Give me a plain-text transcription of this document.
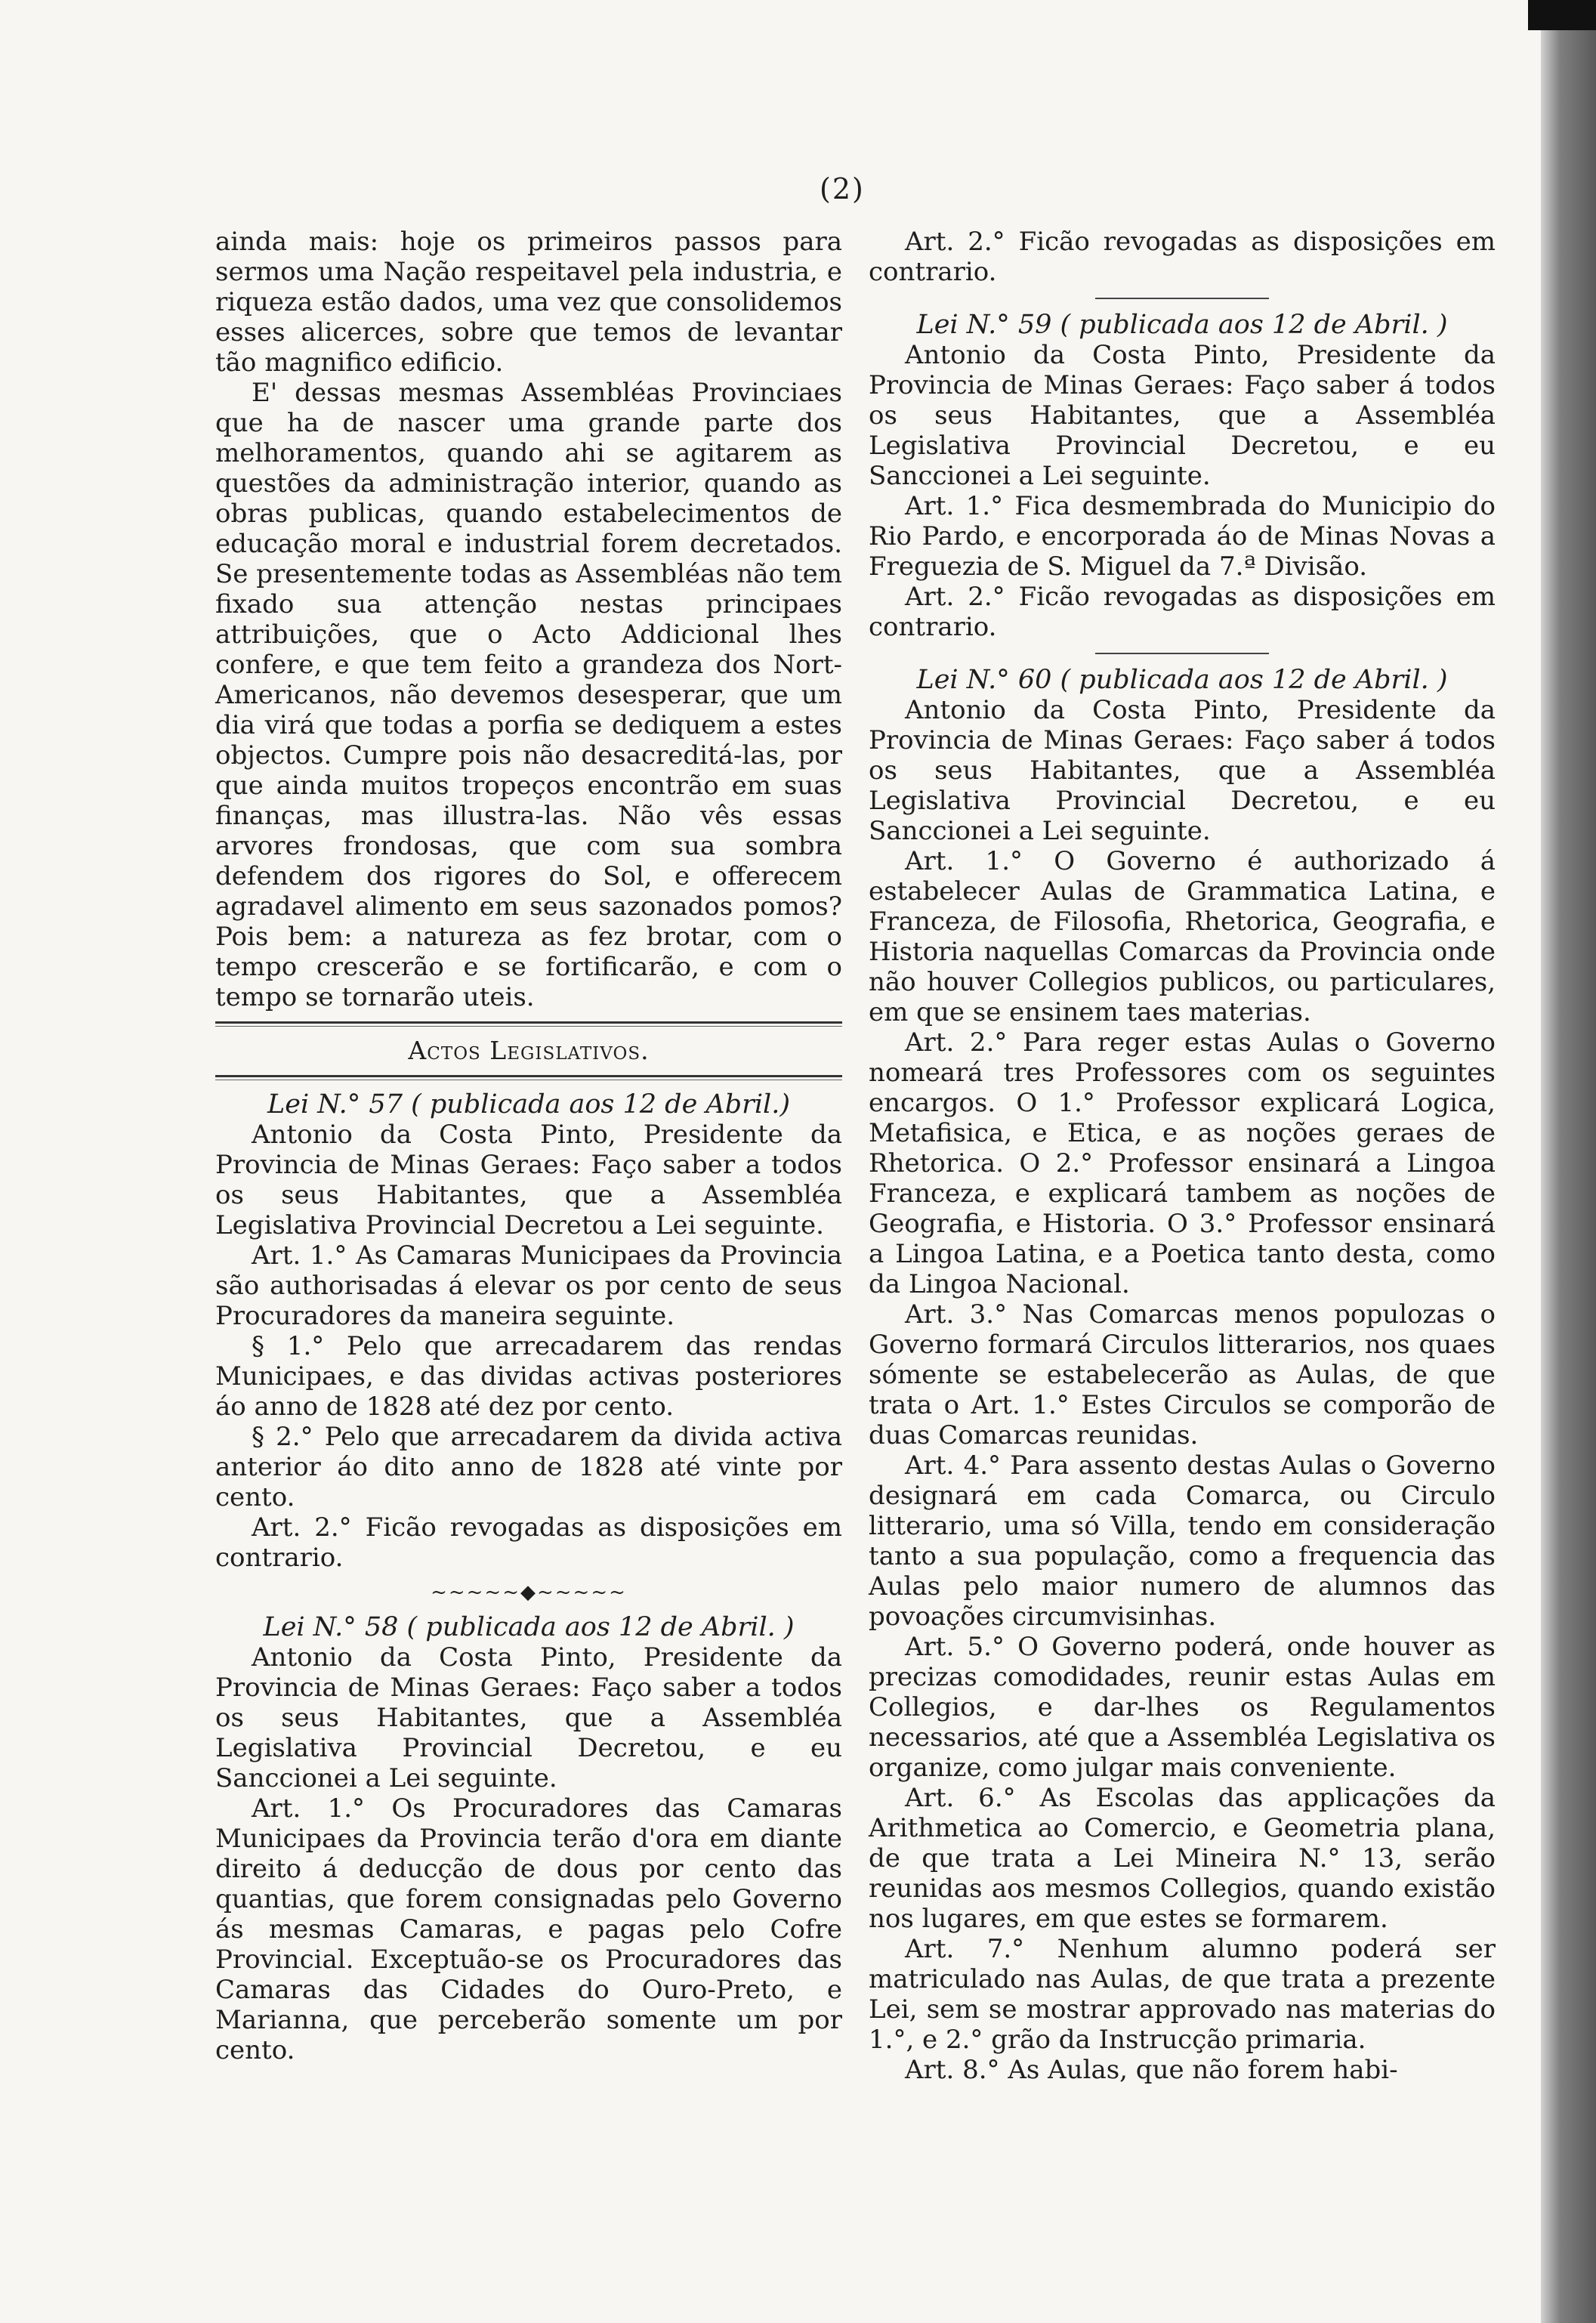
(2)

ainda mais: hoje os primeiros passos para sermos uma Nação respeitavel pela industria, e riqueza estão dados, uma vez que consolidemos esses alicerces, sobre que temos de levantar tão magnifico edificio.

E' dessas mesmas Assembléas Provinciaes que ha de nascer uma grande parte dos melhoramentos, quando ahi se agitarem as questões da administração interior, quando as obras publicas, quando estabelecimentos de educação moral e industrial forem decretados. Se presentemente todas as Assembléas não tem fixado sua attenção nestas principaes attribuições, que o Acto Addicional lhes confere, e que tem feito a grandeza dos Nort-Americanos, não devemos desesperar, que um dia virá que todas a porfia se dediquem a estes objectos. Cumpre pois não desacreditá-las, por que ainda muitos tropeços encontrão em suas finanças, mas illustra-las. Não vês essas arvores frondosas, que com sua sombra defendem dos rigores do Sol, e offerecem agradavel alimento em seus sazonados pomos? Pois bem: a natureza as fez brotar, com o tempo crescerão e se fortificarão, e com o tempo se tornarão uteis.

Actos Legislativos.

Lei N.° 57 ( publicada aos 12 de Abril.)

Antonio da Costa Pinto, Presidente da Provincia de Minas Geraes: Faço saber a todos os seus Habitantes, que a Assembléa Legislativa Provincial Decretou a Lei seguinte.

Art. 1.° As Camaras Municipaes da Provincia são authorisadas á elevar os por cento de seus Procuradores da maneira seguinte.

§ 1.° Pelo que arrecadarem das rendas Municipaes, e das dividas activas posteriores áo anno de 1828 até dez por cento.

§ 2.° Pelo que arrecadarem da divida activa anterior áo dito anno de 1828 até vinte por cento.

Art. 2.° Ficão revogadas as disposições em contrario.

~~~~~◆~~~~~

Lei N.° 58 ( publicada aos 12 de Abril. )

Antonio da Costa Pinto, Presidente da Provincia de Minas Geraes: Faço saber a todos os seus Habitantes, que a Assembléa Legislativa Provincial Decretou, e eu Sanccionei a Lei seguinte.

Art. 1.° Os Procuradores das Camaras Municipaes da Provincia terão d'ora em diante direito á deducção de dous por cento das quantias, que forem consignadas pelo Governo ás mesmas Camaras, e pagas pelo Cofre Provincial. Exceptuão-se os Procuradores das Camaras das Cidades do Ouro-Preto, e Marianna, que perceberão somente um por cento.

Art. 2.° Ficão revogadas as disposições em contrario.

Lei N.° 59 ( publicada aos 12 de Abril. )

Antonio da Costa Pinto, Presidente da Provincia de Minas Geraes: Faço saber á todos os seus Habitantes, que a Assembléa Legislativa Provincial Decretou, e eu Sanccionei a Lei seguinte.

Art. 1.° Fica desmembrada do Municipio do Rio Pardo, e encorporada áo de Minas Novas a Freguezia de S. Miguel da 7.ª Divisão.

Art. 2.° Ficão revogadas as disposições em contrario.

Lei N.° 60 ( publicada aos 12 de Abril. )

Antonio da Costa Pinto, Presidente da Provincia de Minas Geraes: Faço saber á todos os seus Habitantes, que a Assembléa Legislativa Provincial Decretou, e eu Sanccionei a Lei seguinte.

Art. 1.° O Governo é authorizado á estabelecer Aulas de Grammatica Latina, e Franceza, de Filosofia, Rhetorica, Geografia, e Historia naquellas Comarcas da Provincia onde não houver Collegios publicos, ou particulares, em que se ensinem taes materias.

Art. 2.° Para reger estas Aulas o Governo nomeará tres Professores com os seguintes encargos. O 1.° Professor explicará Logica, Metafisica, e Etica, e as noções geraes de Rhetorica. O 2.° Professor ensinará a Lingoa Franceza, e explicará tambem as noções de Geografia, e Historia. O 3.° Professor ensinará a Lingoa Latina, e a Poetica tanto desta, como da Lingoa Nacional.

Art. 3.° Nas Comarcas menos populozas o Governo formará Circulos litterarios, nos quaes sómente se estabelecerão as Aulas, de que trata o Art. 1.° Estes Circulos se comporão de duas Comarcas reunidas.

Art. 4.° Para assento destas Aulas o Governo designará em cada Comarca, ou Circulo litterario, uma só Villa, tendo em consideração tanto a sua população, como a frequencia das Aulas pelo maior numero de alumnos das povoações circumvisinhas.

Art. 5.° O Governo poderá, onde houver as precizas comodidades, reunir estas Aulas em Collegios, e dar-lhes os Regulamentos necessarios, até que a Assembléa Legislativa os organize, como julgar mais conveniente.

Art. 6.° As Escolas das applicações da Arithmetica ao Comercio, e Geometria plana, de que trata a Lei Mineira N.° 13, serão reunidas aos mesmos Collegios, quando existão nos lugares, em que estes se formarem.

Art. 7.° Nenhum alumno poderá ser matriculado nas Aulas, de que trata a prezente Lei, sem se mostrar approvado nas materias do 1.°, e 2.° grão da Instrucção primaria.

Art. 8.° As Aulas, que não forem habi-
